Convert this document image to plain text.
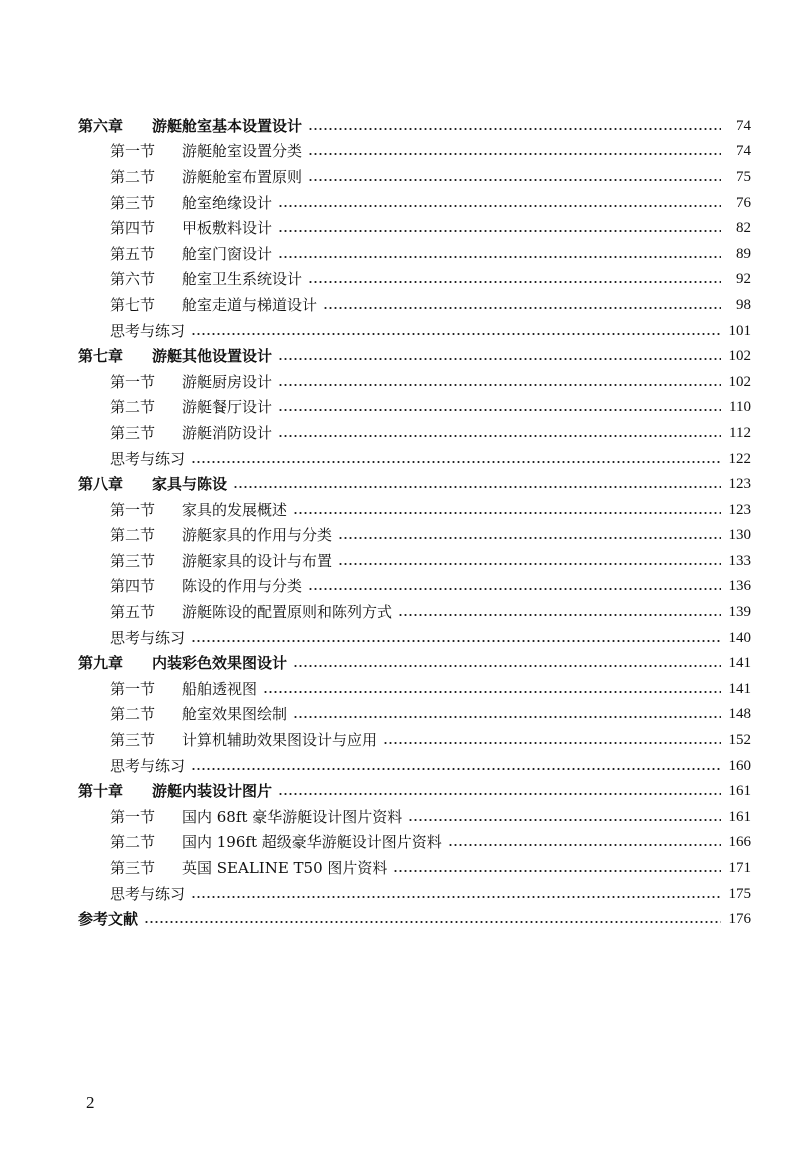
第六章	游艇舱室基本设置设计	74
第一节	游艇舱室设置分类	74
第二节	游艇舱室布置原则	75
第三节	舱室绝缘设计	76
第四节	甲板敷料设计	82
第五节	舱室门窗设计	89
第六节	舱室卫生系统设计	92
第七节	舱室走道与梯道设计	98
思考与练习	101
第七章	游艇其他设置设计	102
第一节	游艇厨房设计	102
第二节	游艇餐厅设计	110
第三节	游艇消防设计	112
思考与练习	122
第八章	家具与陈设	123
第一节	家具的发展概述	123
第二节	游艇家具的作用与分类	130
第三节	游艇家具的设计与布置	133
第四节	陈设的作用与分类	136
第五节	游艇陈设的配置原则和陈列方式	139
思考与练习	140
第九章	内装彩色效果图设计	141
第一节	船舶透视图	141
第二节	舱室效果图绘制	148
第三节	计算机辅助效果图设计与应用	152
思考与练习	160
第十章	游艇内装设计图片	161
第一节	国内 68ft 豪华游艇设计图片资料	161
第二节	国内 196ft 超级豪华游艇设计图片资料	166
第三节	英国 SEALINE T50 图片资料	171
思考与练习	175
参考文献	176
2
